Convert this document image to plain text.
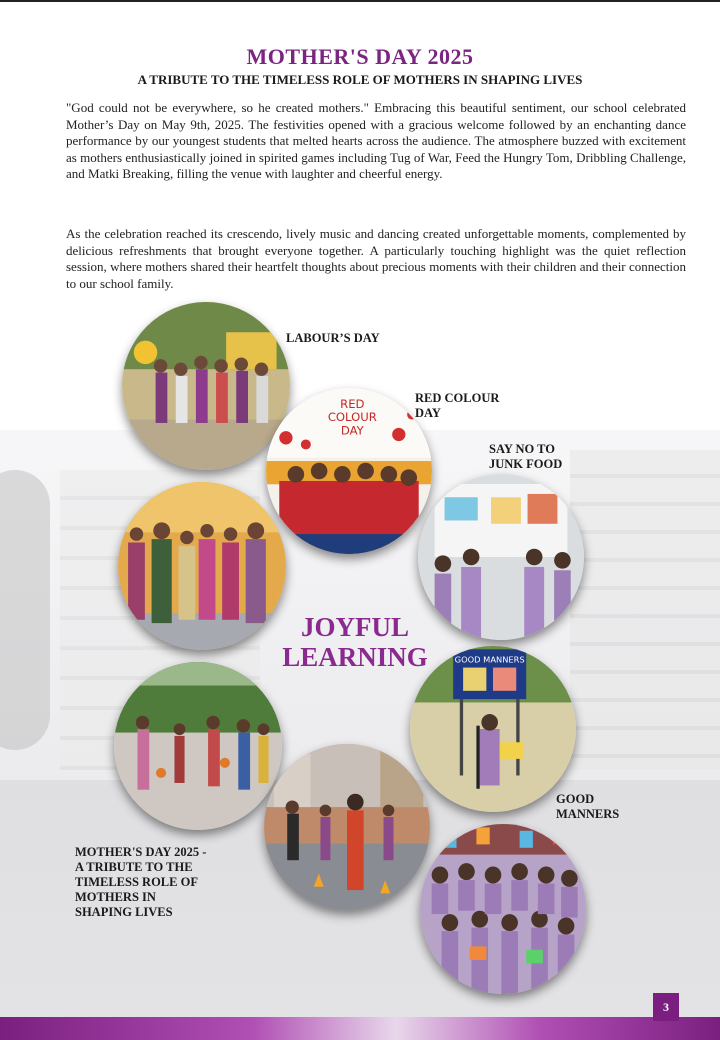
MOTHER'S DAY 2025
A TRIBUTE TO THE TIMELESS ROLE OF MOTHERS IN SHAPING LIVES

"God could not be everywhere, so he created mothers." Embracing this beautiful sentiment, our school celebrated Mother’s Day on May 9th, 2025. The festivities opened with a gracious welcome followed by an enchanting dance performance by our youngest students that melted hearts across the audience. The atmosphere buzzed with excitement as mothers enthusiastically joined in spirited games including Tug of War, Feed the Hungry Tom, Dribbling Challenge, and Matki Breaking, filling the venue with laughter and cheerful energy.

As the celebration reached its crescendo, lively music and dancing created unforgettable moments, complemented by delicious refreshments that brought everyone together. A particularly touching highlight was the quiet reflection session, where mothers shared their heartfelt thoughts about precious moments with their children and their connection to our school family.

RED
COLOUR
DAY
GOOD MANNERS
LABOUR’S DAY
RED COLOUR
DAY
SAY NO TO
JUNK FOOD
GOOD
MANNERS
MOTHER'S DAY 2025 -
A TRIBUTE TO THE
TIMELESS ROLE OF
MOTHERS IN
SHAPING LIVES
JOYFUL
LEARNING
3
